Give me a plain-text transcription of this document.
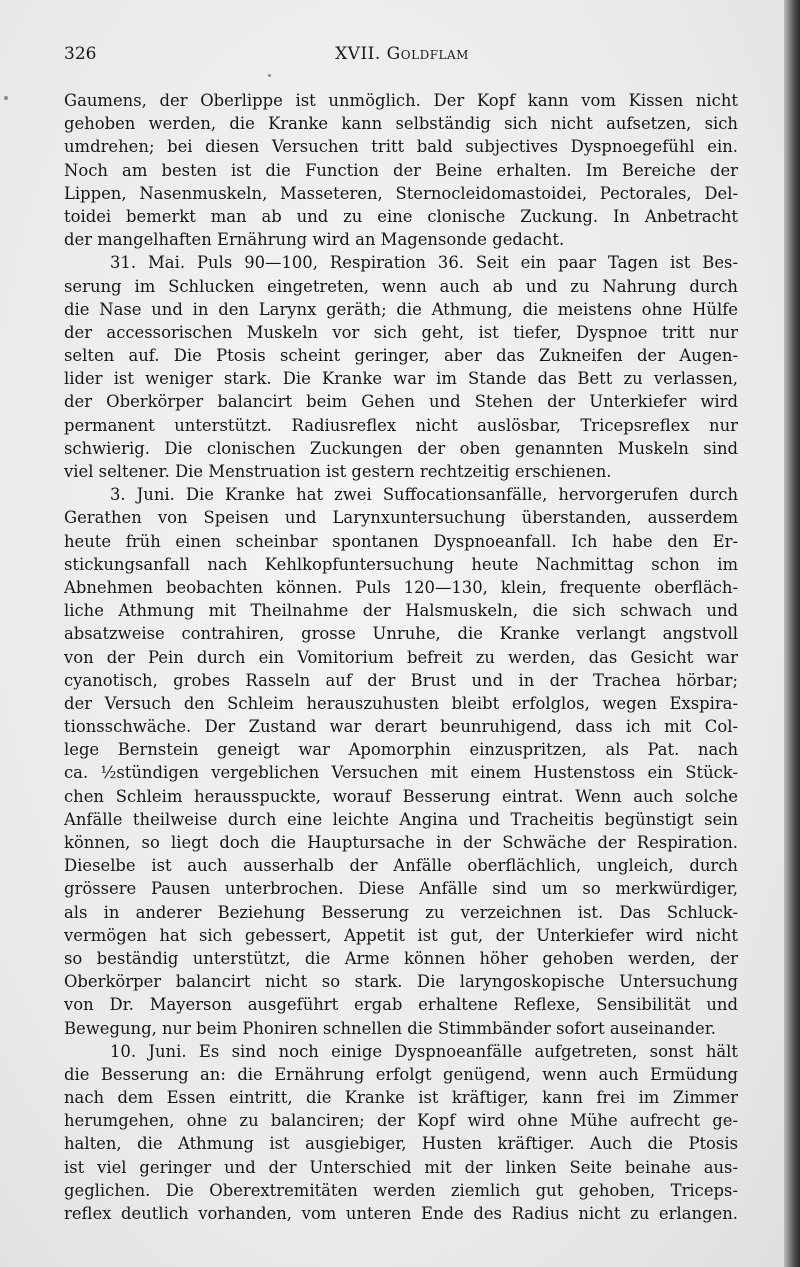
326	XVII. Goldflam
Gaumens, der Oberlippe ist unmöglich. Der Kopf kann vom Kissen nicht
gehoben werden, die Kranke kann selbständig sich nicht aufsetzen, sich
umdrehen; bei diesen Versuchen tritt bald subjectives Dyspnoegefühl ein.
Noch am besten ist die Function der Beine erhalten. Im Bereiche der
Lippen, Nasenmuskeln, Masseteren, Sternocleidomastoidei, Pectorales, Del-
toidei bemerkt man ab und zu eine clonische Zuckung. In Anbetracht
der mangelhaften Ernährung wird an Magensonde gedacht.
31. Mai. Puls 90—100, Respiration 36. Seit ein paar Tagen ist Bes-
serung im Schlucken eingetreten, wenn auch ab und zu Nahrung durch
die Nase und in den Larynx geräth; die Athmung, die meistens ohne Hülfe
der accessorischen Muskeln vor sich geht, ist tiefer, Dyspnoe tritt nur
selten auf. Die Ptosis scheint geringer, aber das Zukneifen der Augen-
lider ist weniger stark. Die Kranke war im Stande das Bett zu verlassen,
der Oberkörper balancirt beim Gehen und Stehen der Unterkiefer wird
permanent unterstützt. Radiusreflex nicht auslösbar, Tricepsreflex nur
schwierig. Die clonischen Zuckungen der oben genannten Muskeln sind
viel seltener. Die Menstruation ist gestern rechtzeitig erschienen.
3. Juni. Die Kranke hat zwei Suffocationsanfälle, hervorgerufen durch
Gerathen von Speisen und Larynxuntersuchung überstanden, ausserdem
heute früh einen scheinbar spontanen Dyspnoeanfall. Ich habe den Er-
stickungsanfall nach Kehlkopfuntersuchung heute Nachmittag schon im
Abnehmen beobachten können. Puls 120—130, klein, frequente oberfläch-
liche Athmung mit Theilnahme der Halsmuskeln, die sich schwach und
absatzweise contrahiren, grosse Unruhe, die Kranke verlangt angstvoll
von der Pein durch ein Vomitorium befreit zu werden, das Gesicht war
cyanotisch, grobes Rasseln auf der Brust und in der Trachea hörbar;
der Versuch den Schleim herauszuhusten bleibt erfolglos, wegen Exspira-
tionsschwäche. Der Zustand war derart beunruhigend, dass ich mit Col-
lege Bernstein geneigt war Apomorphin einzuspritzen, als Pat. nach
ca. ½stündigen vergeblichen Versuchen mit einem Hustenstoss ein Stück-
chen Schleim herausspuckte, worauf Besserung eintrat. Wenn auch solche
Anfälle theilweise durch eine leichte Angina und Tracheitis begünstigt sein
können, so liegt doch die Hauptursache in der Schwäche der Respiration.
Dieselbe ist auch ausserhalb der Anfälle oberflächlich, ungleich, durch
grössere Pausen unterbrochen. Diese Anfälle sind um so merkwürdiger,
als in anderer Beziehung Besserung zu verzeichnen ist. Das Schluck-
vermögen hat sich gebessert, Appetit ist gut, der Unterkiefer wird nicht
so beständig unterstützt, die Arme können höher gehoben werden, der
Oberkörper balancirt nicht so stark. Die laryngoskopische Untersuchung
von Dr. Mayerson ausgeführt ergab erhaltene Reflexe, Sensibilität und
Bewegung, nur beim Phoniren schnellen die Stimmbänder sofort auseinander.
10. Juni. Es sind noch einige Dyspnoeanfälle aufgetreten, sonst hält
die Besserung an: die Ernährung erfolgt genügend, wenn auch Ermüdung
nach dem Essen eintritt, die Kranke ist kräftiger, kann frei im Zimmer
herumgehen, ohne zu balanciren; der Kopf wird ohne Mühe aufrecht ge-
halten, die Athmung ist ausgiebiger, Husten kräftiger. Auch die Ptosis
ist viel geringer und der Unterschied mit der linken Seite beinahe aus-
geglichen. Die Oberextremitäten werden ziemlich gut gehoben, Triceps-
reflex deutlich vorhanden, vom unteren Ende des Radius nicht zu erlangen.
